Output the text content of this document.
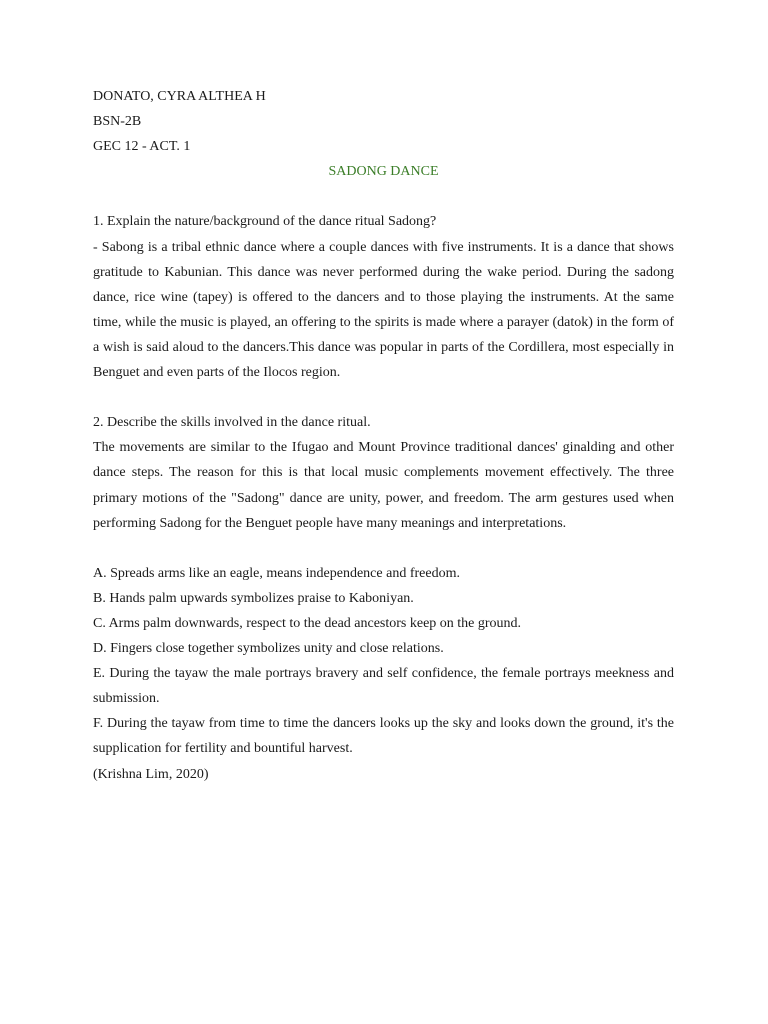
DONATO, CYRA ALTHEA H

BSN-2B

GEC 12 - ACT. 1

SADONG DANCE

1. Explain the nature/background of the dance ritual Sadong?

- Sabong is a tribal ethnic dance where a couple dances with five instruments. It is a dance that shows gratitude to Kabunian. This dance was never performed during the wake period. During the sadong dance, rice wine (tapey) is offered to the dancers and to those playing the instruments. At the same time, while the music is played, an offering to the spirits is made where a parayer (datok) in the form of a wish is said aloud to the dancers.This dance was popular in parts of the Cordillera, most especially in Benguet and even parts of the Ilocos region.

2. Describe the skills involved in the dance ritual.

The movements are similar to the Ifugao and Mount Province traditional dances' ginalding and other dance steps. The reason for this is that local music complements movement effectively. The three primary motions of the "Sadong" dance are unity, power, and freedom. The arm gestures used when performing Sadong for the Benguet people have many meanings and interpretations.

A. Spreads arms like an eagle, means independence and freedom.

B. Hands palm upwards symbolizes praise to Kaboniyan.

C. Arms palm downwards, respect to the dead ancestors keep on the ground.

D. Fingers close together symbolizes unity and close relations.

E. During the tayaw the male portrays bravery and self confidence, the female portrays meekness and submission.

F. During the tayaw from time to time the dancers looks up the sky and looks down the ground, it's the supplication for fertility and bountiful harvest.

(Krishna Lim, 2020)
